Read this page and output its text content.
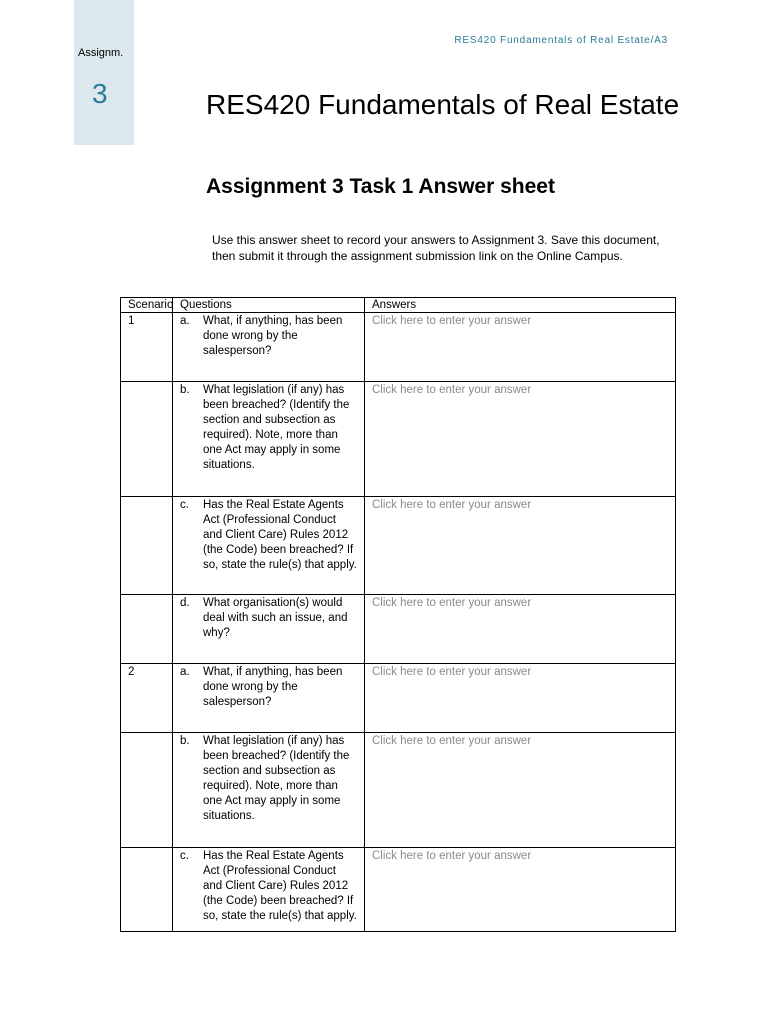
Assignm.
3
RES420 Fundamentals of Real Estate/A3
RES420 Fundamentals of Real Estate
Assignment 3 Task 1 Answer sheet
Use this answer sheet to record your answers to Assignment 3. Save this document, then submit it through the assignment submission link on the Online Campus.
Scenario	Questions	Answers
1	a. What, if anything, has been done wrong by the salesperson?	Click here to enter your answer

	b. What legislation (if any) has been breached? (Identify the section and subsection as required). Note, more than one Act may apply in some situations.	Click here to enter your answer

	c. Has the Real Estate Agents Act (Professional Conduct and Client Care) Rules 2012 (the Code) been breached? If so, state the rule(s) that apply.	Click here to enter your answer

	d. What organisation(s) would deal with such an issue, and why?	Click here to enter your answer
2	a. What, if anything, has been done wrong by the salesperson?	Click here to enter your answer

	b. What legislation (if any) has been breached? (Identify the section and subsection as required). Note, more than one Act may apply in some situations.	Click here to enter your answer

	c. Has the Real Estate Agents Act (Professional Conduct and Client Care) Rules 2012 (the Code) been breached? If so, state the rule(s) that apply.	Click here to enter your answer
